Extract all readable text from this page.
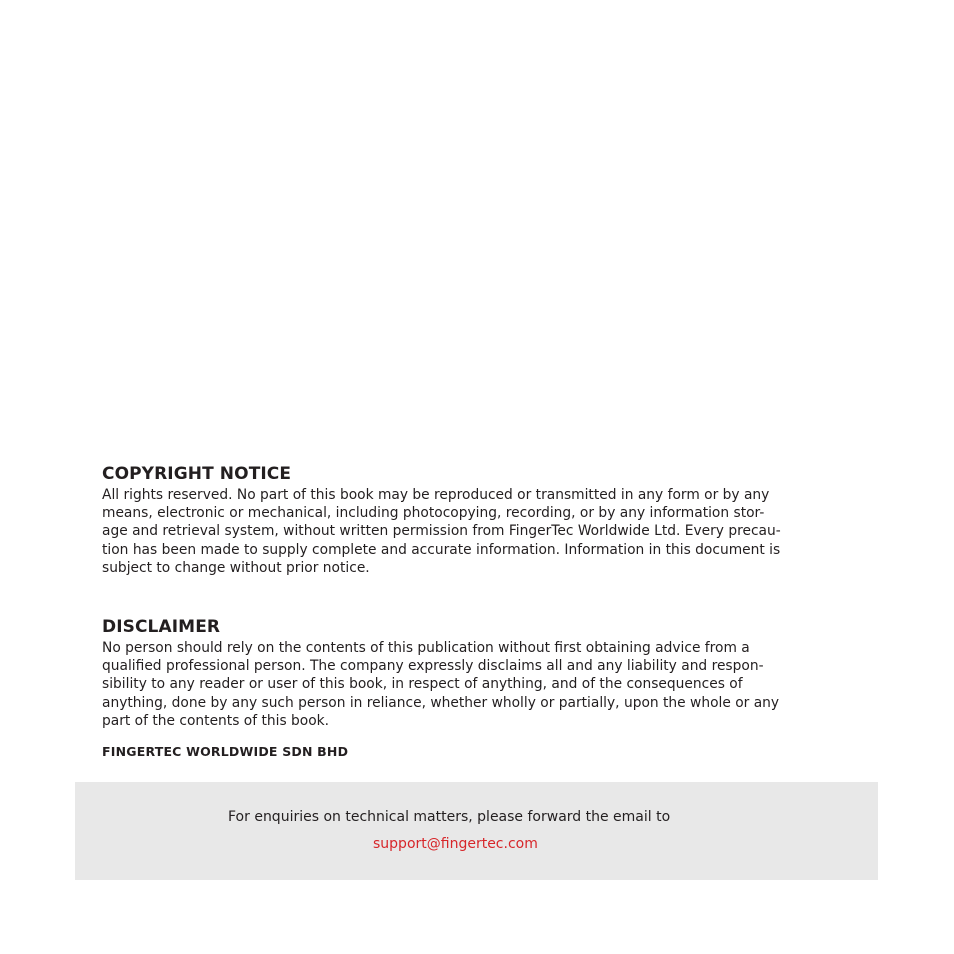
COPYRIGHT NOTICE

All rights reserved. No part of this book may be reproduced or transmitted in any form or by any
means, electronic or mechanical, including photocopying, recording, or by any information stor-
age and retrieval system, without written permission from FingerTec Worldwide Ltd. Every precau-
tion has been made to supply complete and accurate information. Information in this document is
subject to change without prior notice.

DISCLAIMER

No person should rely on the contents of this publication without first obtaining advice from a
qualified professional person. The company expressly disclaims all and any liability and respon-
sibility to any reader or user of this book, in respect of anything, and of the consequences of
anything, done by any such person in reliance, whether wholly or partially, upon the whole or any
part of the contents of this book.

FINGERTEC WORLDWIDE SDN BHD
For enquiries on technical matters, please forward the email to
support@fingertec.com
